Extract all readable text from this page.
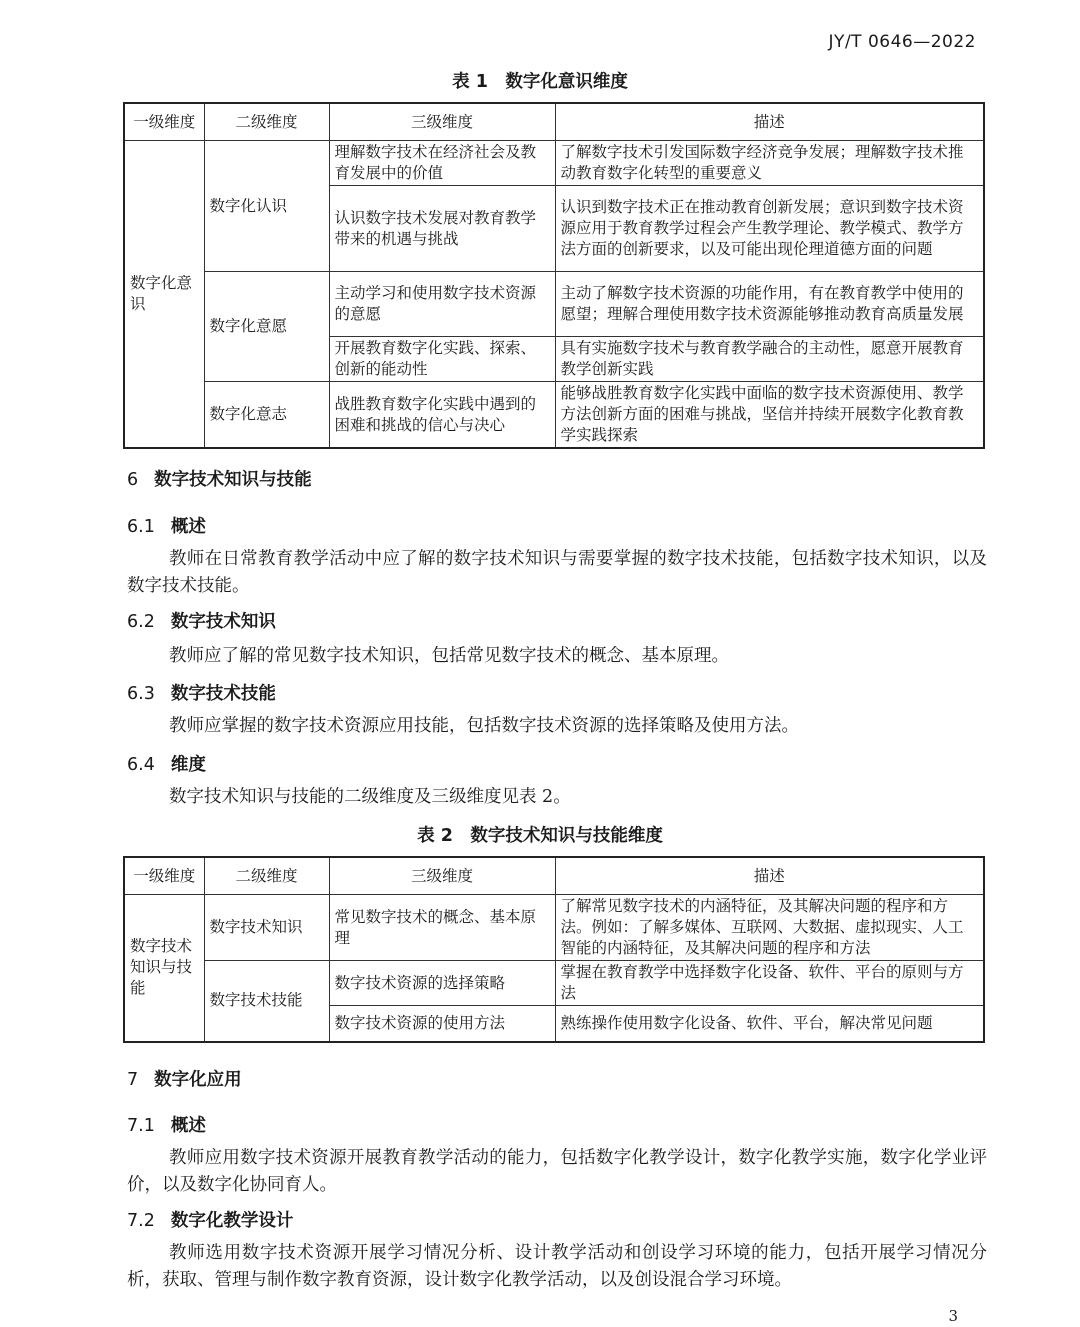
JY/T 0646—2022
表 1　数字化意识维度
一级维度	二级维度	三级维度	描述
数字化意识	数字化认识	理解数字技术在经济社会及教育发展中的价值	了解数字技术引发国际数字经济竞争发展；理解数字技术推动教育数字化转型的重要意义
		认识数字技术发展对教育教学带来的机遇与挑战	认识到数字技术正在推动教育创新发展；意识到数字技术资源应用于教育教学过程会产生教学理论、教学模式、教学方法方面的创新要求，以及可能出现伦理道德方面的问题
	数字化意愿	主动学习和使用数字技术资源的意愿	主动了解数字技术资源的功能作用，有在教育教学中使用的愿望；理解合理使用数字技术资源能够推动教育高质量发展
		开展教育数字化实践、探索、创新的能动性	具有实施数字技术与教育教学融合的主动性，愿意开展教育教学创新实践
	数字化意志	战胜教育数字化实践中遇到的困难和挑战的信心与决心	能够战胜教育数字化实践中面临的数字技术资源使用、教学方法创新方面的困难与挑战，坚信并持续开展数字化教育教学实践探索
6 数字技术知识与技能
6.1 概述
教师在日常教育教学活动中应了解的数字技术知识与需要掌握的数字技术技能，包括数字技术知识，以及数字技术技能。
6.2 数字技术知识
教师应了解的常见数字技术知识，包括常见数字技术的概念、基本原理。
6.3 数字技术技能
教师应掌握的数字技术资源应用技能，包括数字技术资源的选择策略及使用方法。
6.4 维度
数字技术知识与技能的二级维度及三级维度见表 2。
表 2　数字技术知识与技能维度
一级维度	二级维度	三级维度	描述
数字技术知识与技能	数字技术知识	常见数字技术的概念、基本原理	了解常见数字技术的内涵特征，及其解决问题的程序和方法。例如：了解多媒体、互联网、大数据、虚拟现实、人工智能的内涵特征，及其解决问题的程序和方法
	数字技术技能	数字技术资源的选择策略	掌握在教育教学中选择数字化设备、软件、平台的原则与方法
		数字技术资源的使用方法	熟练操作使用数字化设备、软件、平台，解决常见问题
7 数字化应用
7.1 概述
教师应用数字技术资源开展教育教学活动的能力，包括数字化教学设计，数字化教学实施，数字化学业评价，以及数字化协同育人。
7.2 数字化教学设计
教师选用数字技术资源开展学习情况分析、设计教学活动和创设学习环境的能力，包括开展学习情况分析，获取、管理与制作数字教育资源，设计数字化教学活动，以及创设混合学习环境。
3
